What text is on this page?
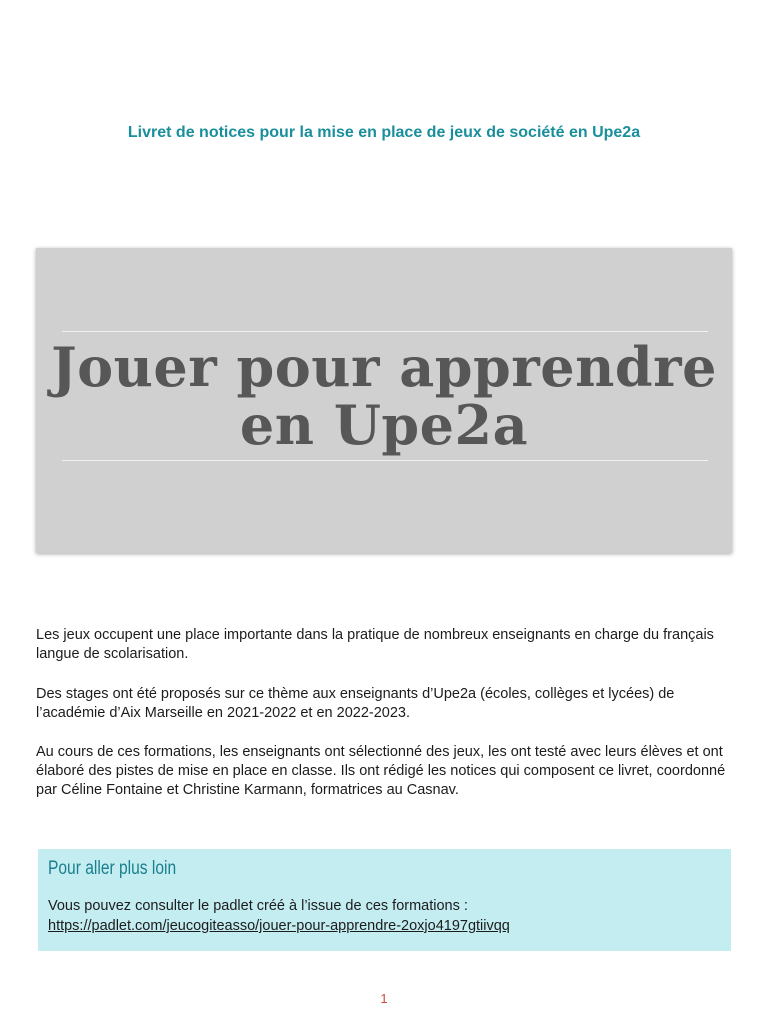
Livret de notices pour la mise en place de jeux de société en Upe2a
Jouer pour apprendre
en Upe2a

Les jeux occupent une place importante dans la pratique de nombreux enseignants en charge du français langue de scolarisation.

Des stages ont été proposés sur ce thème aux enseignants d’Upe2a (écoles, collèges et lycées) de l’académie d’Aix Marseille en 2021-2022 et en 2022-2023.

Au cours de ces formations, les enseignants ont sélectionné des jeux, les ont testé avec leurs élèves et ont élaboré des pistes de mise en place en classe. Ils ont rédigé les notices qui composent ce livret, coordonné par Céline Fontaine et Christine Karmann, formatrices au Casnav.

Pour aller plus loin
Vous pouvez consulter le padlet créé à l’issue de ces formations :
https://padlet.com/jeucogiteasso/jouer-pour-apprendre-2oxjo4197gtiivqq
1
